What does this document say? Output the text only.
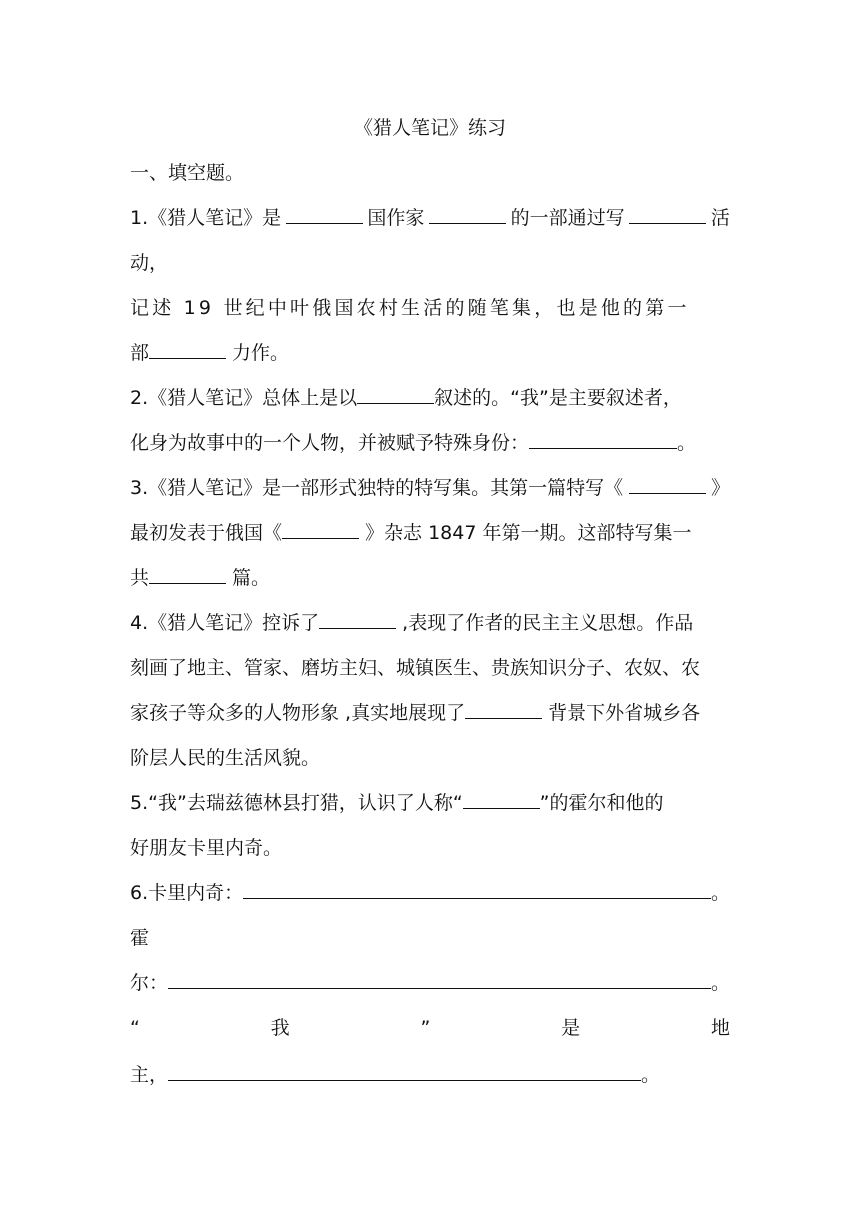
《猎人笔记》练习
一、填空题。
1.《猎人笔记》是	国作家	的一部通过写	活
动，
记述 19 世纪中叶俄国农村生活的随笔集，也是他的第一
部	力作。
2.《猎人笔记》总体上是以	叙述的。“我”是主要叙述者，
化身为故事中的一个人物，并被赋予特殊身份：	。
3.《猎人笔记》是一部形式独特的特写集。其第一篇特写《	》
最初发表于俄国《	》杂志 1847 年第一期。这部特写集一
共	篇。
4.《猎人笔记》控诉了	,表现了作者的民主主义思想。作品
刻画了地主、管家、磨坊主妇、城镇医生、贵族知识分子、农奴、农
家孩子等众多的人物形象 ,真实地展现了	背景下外省城乡各
阶层人民的生活风貌。
5.“我”去瑞兹德林县打猎，认识了人称“	”的霍尔和他的
好朋友卡里内奇。
6.卡里内奇：	。
霍
尔：	。
“	我	”	是	地
主，	。
